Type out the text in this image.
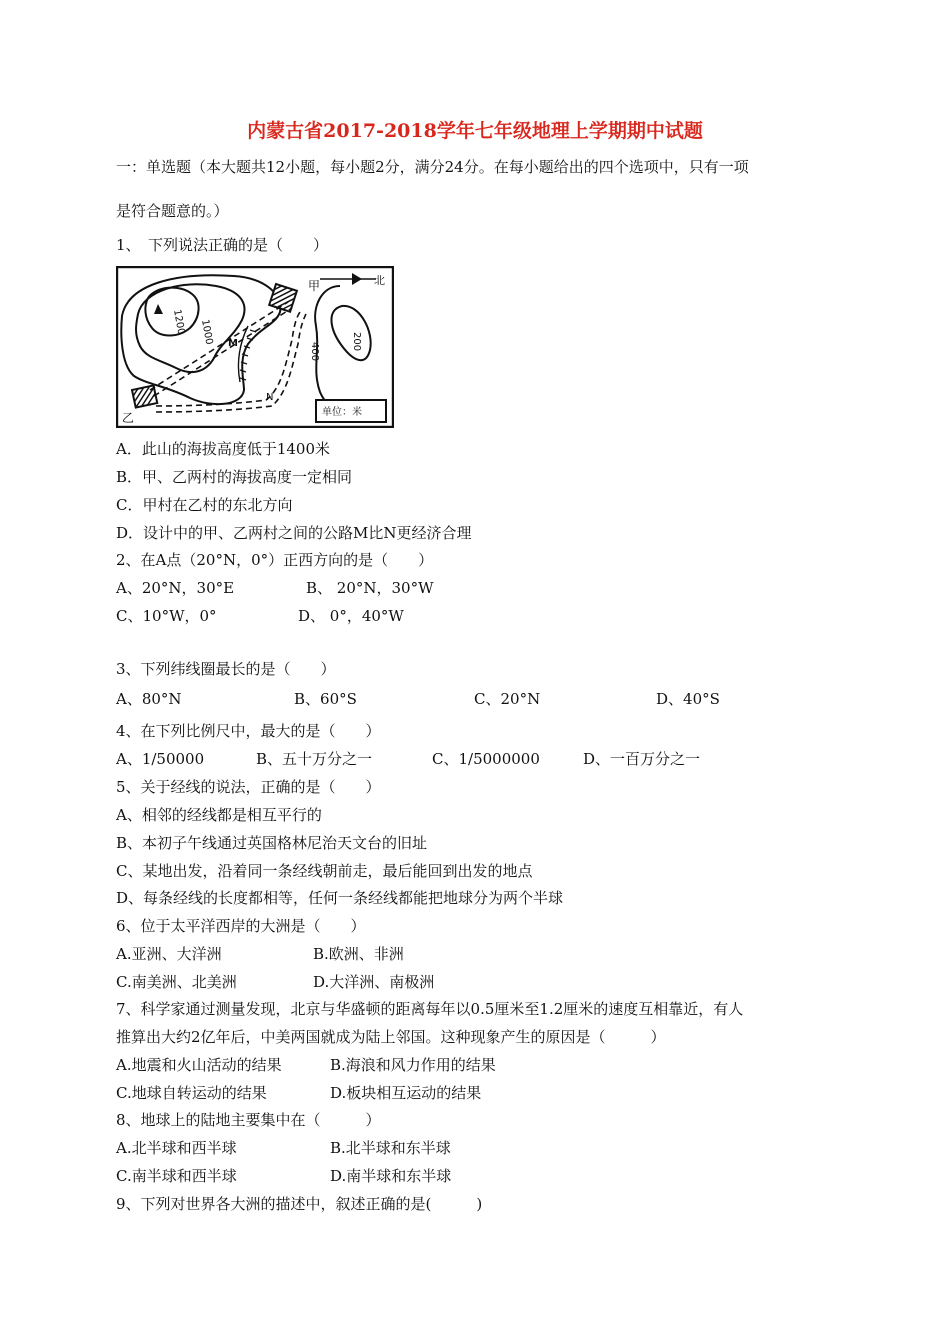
内蒙古省2017-2018学年七年级地理上学期期中试题
一：单选题（本大题共12小题，每小题2分，满分24分。在每小题给出的四个选项中，只有一项
是符合题意的。）
1、　下列说法正确的是（　　）
甲	北
乙
M
N
1200 1000
400
200
单位：米
A．此山的海拔高度低于1400米
B．甲、乙两村的海拔高度一定相同
C．甲村在乙村的东北方向
D．设计中的甲、乙两村之间的公路M比N更经济合理
2、在A点（20°N，0°）正西方向的是（　　）
A、20°N，30°E	B、 20°N，30°W
C、10°W，0°	D、 0°，40°W
3、下列纬线圈最长的是（　　）
A、80°N	B、60°S	C、20°N	D、40°S
4、在下列比例尺中，最大的是（　　）
A、1/50000	B、五十万分之一	C、1/5000000	D、一百万分之一
5、关于经线的说法，正确的是（　　）
A、相邻的经线都是相互平行的
B、本初子午线通过英国格林尼治天文台的旧址
C、某地出发，沿着同一条经线朝前走，最后能回到出发的地点
D、每条经线的长度都相等，任何一条经线都能把地球分为两个半球
6、位于太平洋西岸的大洲是（　　）
A.亚洲、大洋洲	B.欧洲、非洲
C.南美洲、北美洲	D.大洋洲、南极洲
7、科学家通过测量发现，北京与华盛顿的距离每年以0.5厘米至1.2厘米的速度互相靠近，有人
推算出大约2亿年后，中美两国就成为陆上邻国。这种现象产生的原因是（　　　）
A.地震和火山活动的结果	B.海浪和风力作用的结果
C.地球自转运动的结果	D.板块相互运动的结果
8、地球上的陆地主要集中在（　　　）
A.北半球和西半球	B.北半球和东半球
C.南半球和西半球	D.南半球和东半球
9、下列对世界各大洲的描述中，叙述正确的是(　　　)
